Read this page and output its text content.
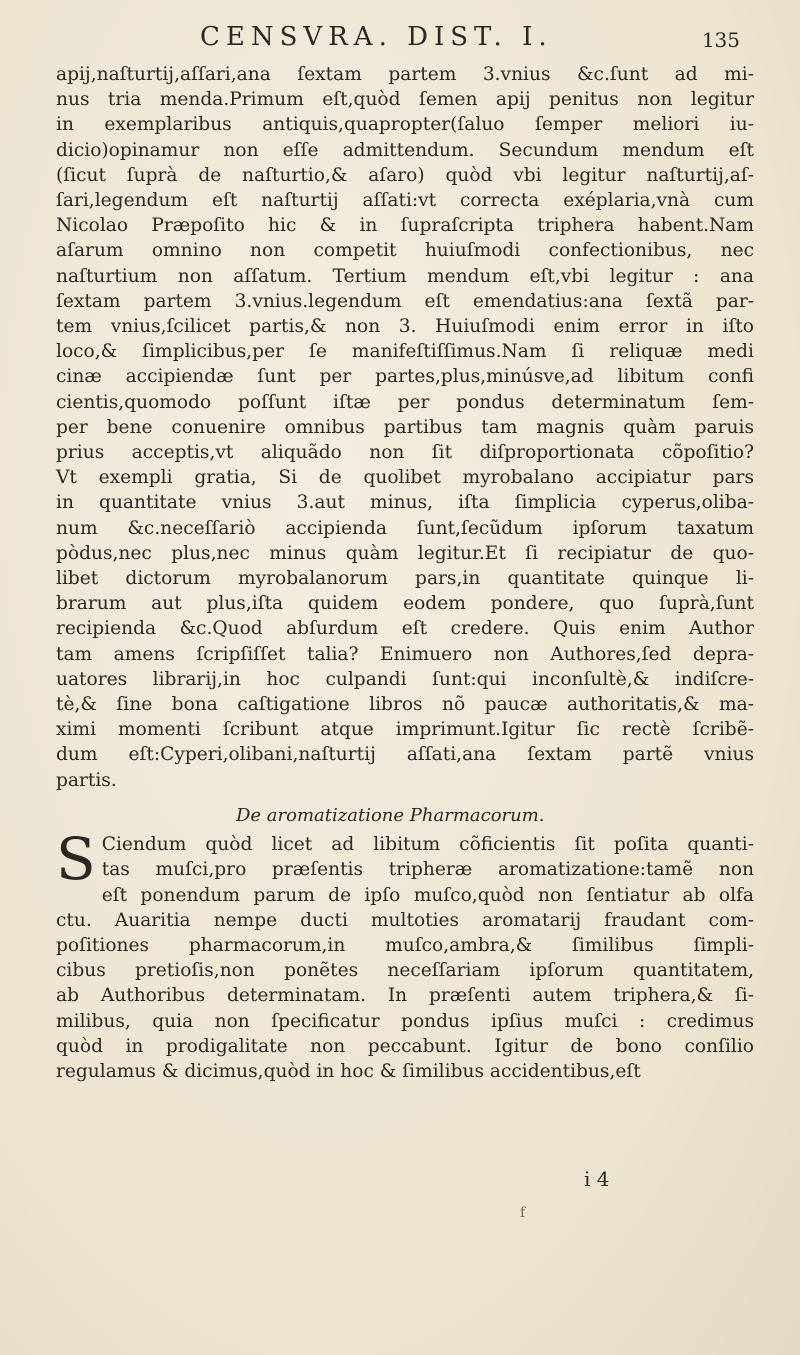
CENSVRA. DIST. I.	135
apij,naſturtij,aſſari,ana ſextam partem 3.vnius &c.ſunt ad mi-
nus tria menda.Primum eſt,quòd ſemen apij penitus non legitur
in exemplaribus antiquis,quapropter(ſaluo ſemper meliori iu-
dicio)opinamur non eſſe admittendum. Secundum mendum eſt
(ſicut ſuprà de naſturtio,& aſaro) quòd vbi legitur naſturtij,aſ-
ſari,legendum eſt naſturtij aſſati:vt correcta exéplaria,vnà cum
Nicolao Præpoſito hic & in ſupraſcripta triphera habent.Nam
aſarum omnino non competit huiuſmodi confectionibus, nec
naſturtium non aſſatum. Tertium mendum eſt,vbi legitur : ana
ſextam partem 3.vnius.legendum eſt emendatius:ana ſextã par-
tem vnius,ſcilicet partis,& non 3. Huiuſmodi enim error in iſto
loco,& ſimplicibus,per ſe manifeſtiſſimus.Nam ſi reliquæ medi
cinæ accipiendæ ſunt per partes,plus,minúsve,ad libitum confi
cientis,quomodo poſſunt iſtæ per pondus determinatum ſem-
per bene conuenire omnibus partibus tam magnis quàm paruis
prius acceptis,vt aliquãdo non ſit diſproportionata cõpoſitio?
Vt exempli gratia, Si de quolibet myrobalano accipiatur pars
in quantitate vnius 3.aut minus, iſta ſimplicia cyperus,oliba-
num &c.neceſſariò accipienda ſunt,ſecũdum ipſorum taxatum
pòdus,nec plus,nec minus quàm legitur.Et ſi recipiatur de quo-
libet dictorum myrobalanorum pars,in quantitate quinque li-
brarum aut plus,iſta quidem eodem pondere, quo ſuprà,ſunt
recipienda &c.Quod abſurdum eſt credere. Quis enim Author
tam amens ſcripſiſſet talia? Enimuero non Authores,ſed depra-
uatores librarij,in hoc culpandi ſunt:qui inconſultè,& indiſcre-
tè,& ſine bona caſtigatione libros nõ paucæ authoritatis,& ma-
ximi momenti ſcribunt atque imprimunt.Igitur ſic rectè ſcribẽ-
dum eſt:Cyperi,olibani,naſturtij aſſati,ana ſextam partẽ vnius
partis.
De aromatizatione Pharmacorum.
S Ciendum quòd licet ad libitum cõficientis ſit poſita quanti-
tas muſci,pro præſentis tripheræ aromatizatione:tamẽ non
eſt ponendum parum de ipſo muſco,quòd non ſentiatur ab olfa
ctu. Auaritia nempe ducti multoties aromatarij fraudant com-
poſitiones pharmacorum,in muſco,ambra,& ſimilibus ſimpli-
cibus pretioſis,non ponẽtes neceſſariam ipſorum quantitatem,
ab Authoribus determinatam. In præſenti autem triphera,& ſi-
milibus, quia non ſpecificatur pondus ipſius muſci : credimus
quòd in prodigalitate non peccabunt. Igitur de bono conſilio
regulamus & dicimus,quòd in hoc & ſimilibus accidentibus,eſt
i 4
f
